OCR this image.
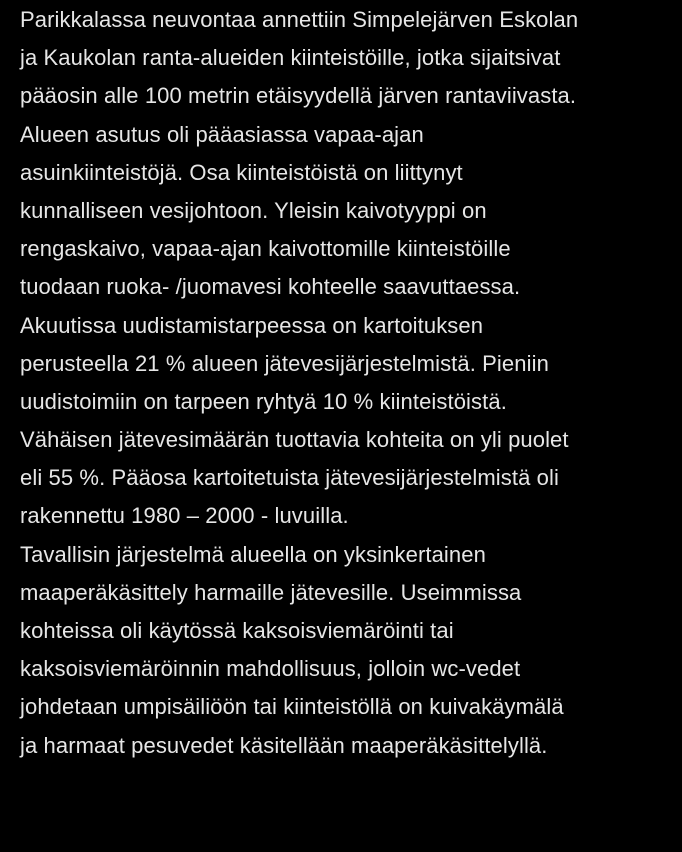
Parikkalassa neuvontaa annettiin Simpelejärven Eskolan
ja Kaukolan ranta-alueiden kiinteistöille, jotka sijaitsivat
pääosin alle 100 metrin etäisyydellä järven rantaviivasta.
Alueen asutus oli pääasiassa vapaa-ajan
asuinkiinteistöjä. Osa kiinteistöistä on liittynyt
kunnalliseen vesijohtoon. Yleisin kaivotyyppi on
rengaskaivo, vapaa-ajan kaivottomille kiinteistöille
tuodaan ruoka- /juomavesi kohteelle saavuttaessa.
Akuutissa uudistamistarpeessa on kartoituksen
perusteella 21 % alueen jätevesijärjestelmistä. Pieniin
uudistoimiin on tarpeen ryhtyä 10 % kiinteistöistä.
Vähäisen jätevesimäärän tuottavia kohteita on yli puolet
eli 55 %. Pääosa kartoitetuista jätevesijärjestelmistä oli
rakennettu 1980 – 2000 - luvuilla.
Tavallisin järjestelmä alueella on yksinkertainen
maaperäkäsittely harmaille jätevesille. Useimmissa
kohteissa oli käytössä kaksoisviemäröinti tai
kaksoisviemäröinnin mahdollisuus, jolloin wc-vedet
johdetaan umpisäiliöön tai kiinteistöllä on kuivakäymälä
ja harmaat pesuvedet käsitellään maaperäkäsittelyllä.
